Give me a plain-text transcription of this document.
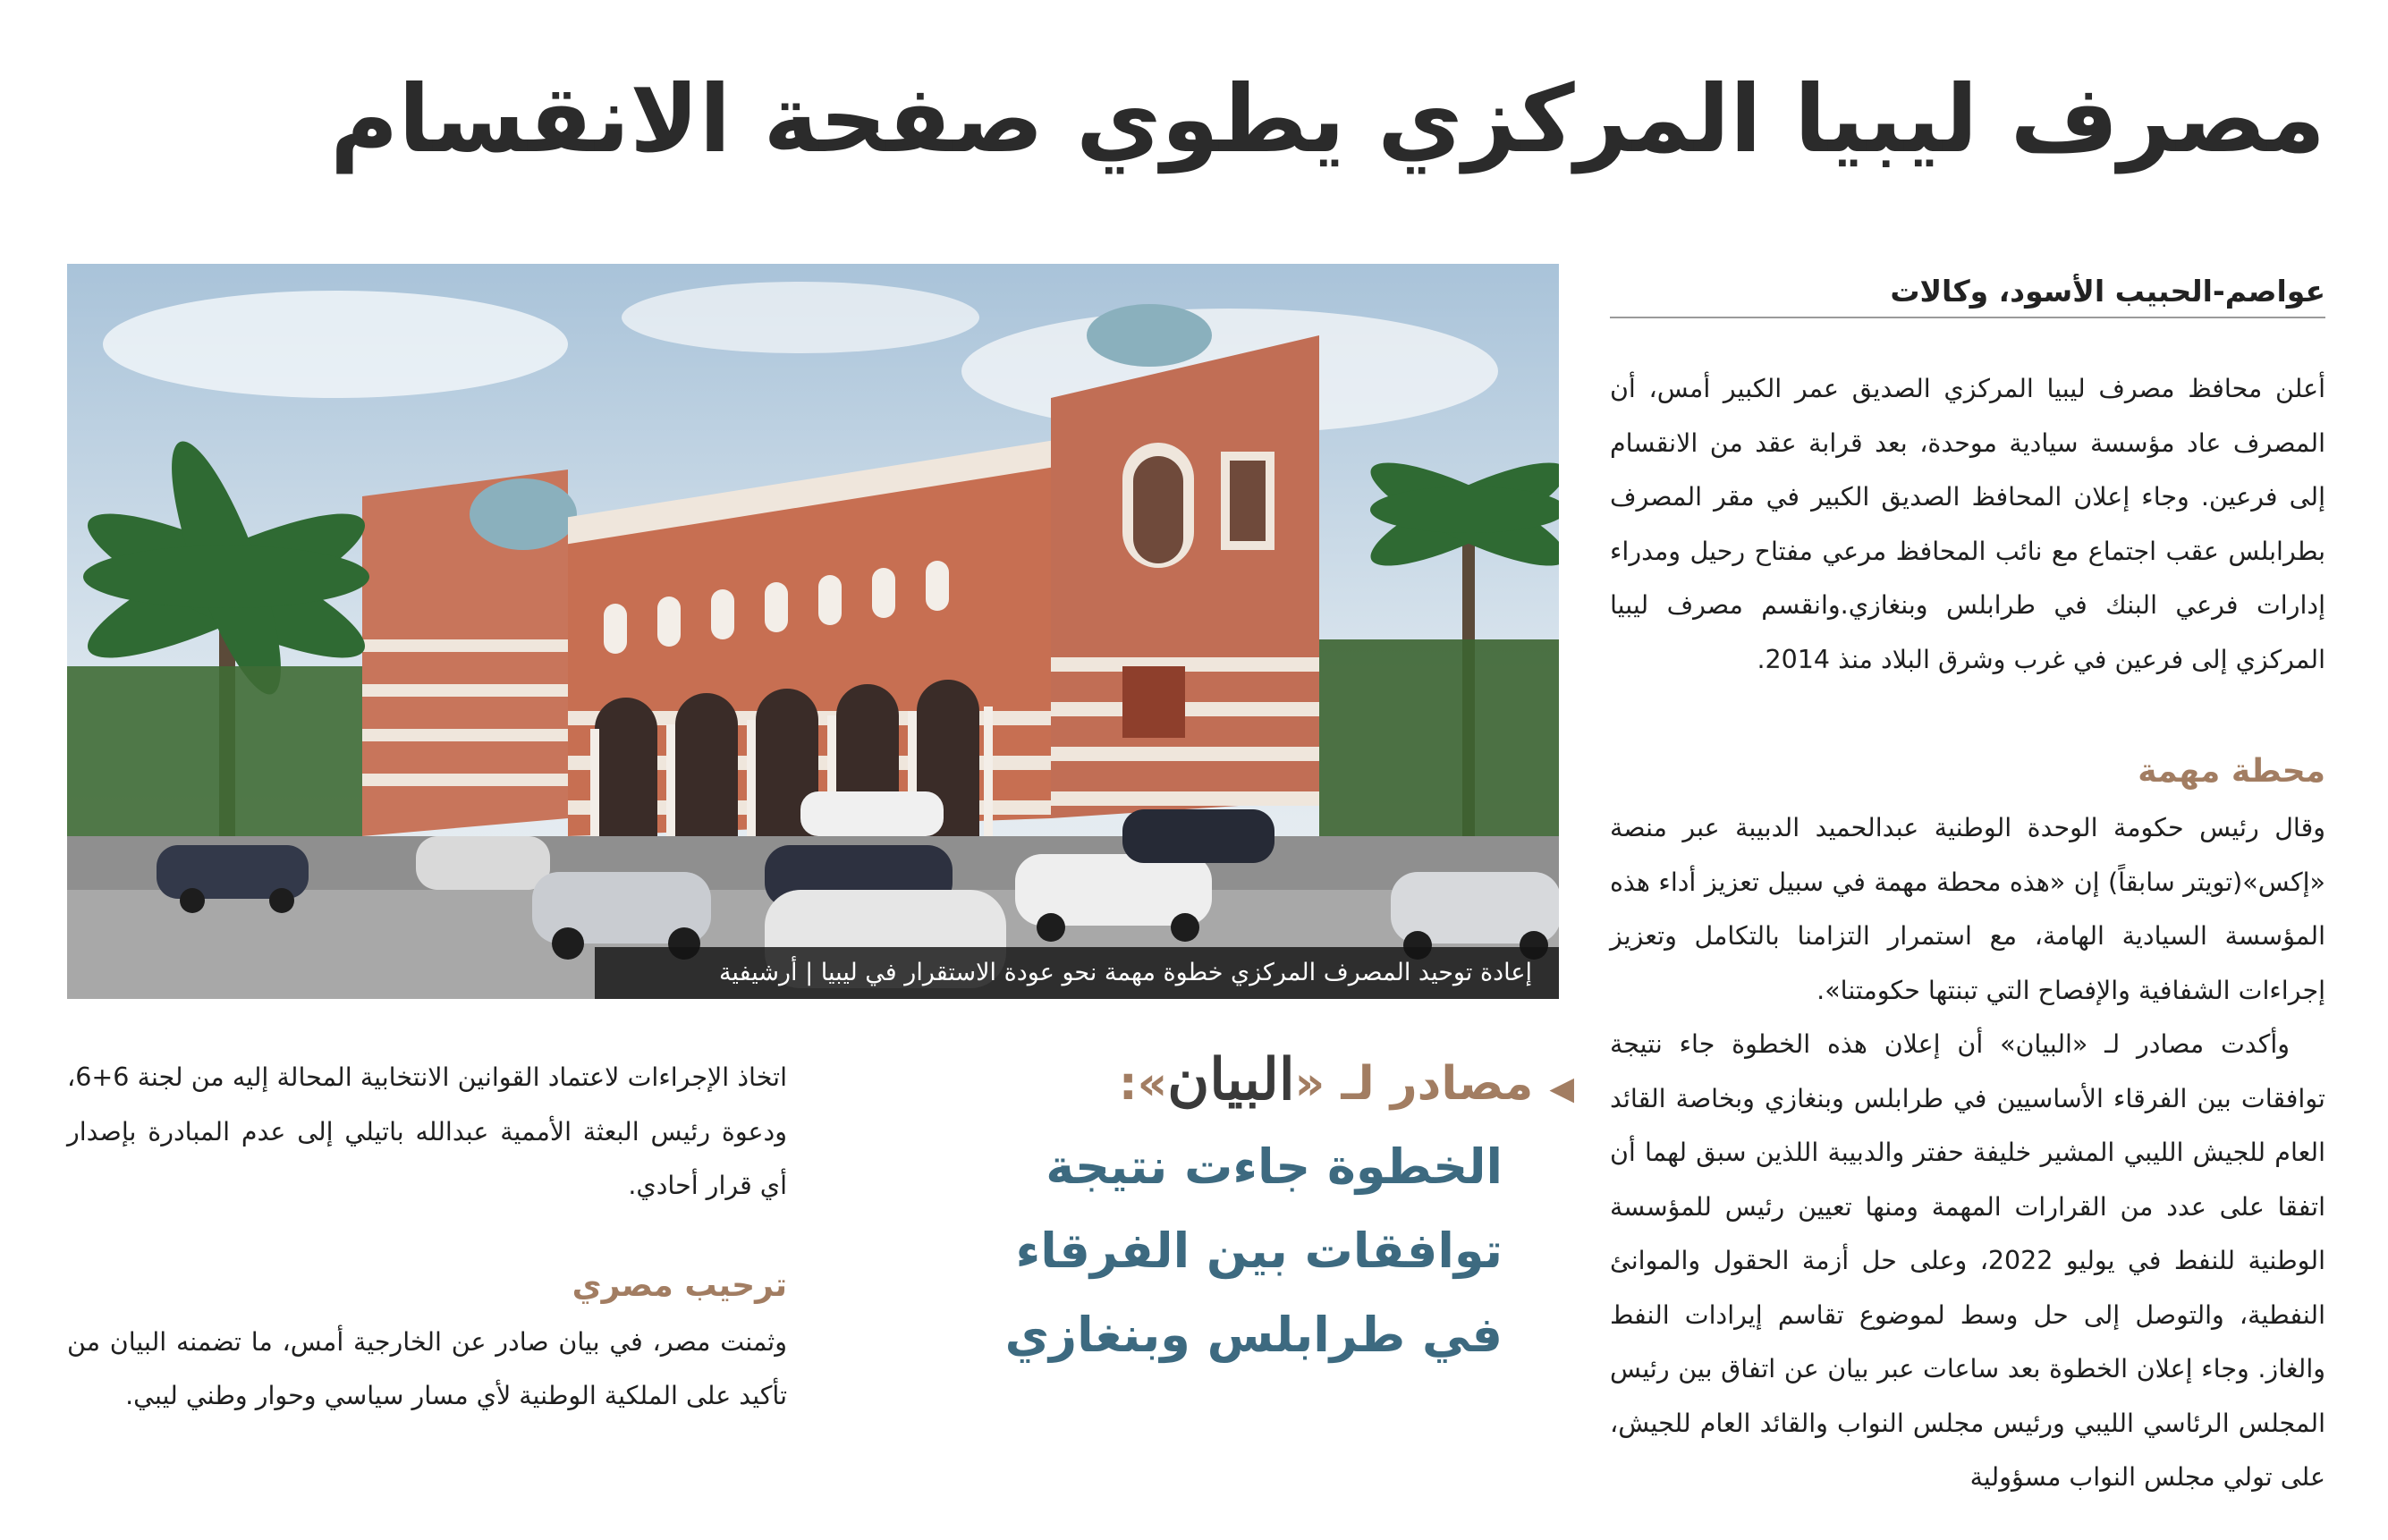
مصرف ليبيا المركزي يطوي صفحة الانقسام
عواصم-الحبيب الأسود، وكالات

أعلن محافظ مصرف ليبيا المركزي الصديق عمر الكبير أمس، أن المصرف عاد مؤسسة سيادية موحدة، بعد قرابة عقد من الانقسام إلى فرعين. وجاء إعلان المحافظ الصديق الكبير في مقر المصرف بطرابلس عقب اجتماع مع نائب المحافظ مرعي مفتاح رحيل ومدراء إدارات فرعي البنك في طرابلس وبنغازي.وانقسم مصرف ليبيا المركزي إلى فرعين في غرب وشرق البلاد منذ 2014.

محطة مهمة

وقال رئيس حكومة الوحدة الوطنية عبدالحميد الدبيبة عبر منصة «إكس»(تويتر سابقاً) إن «هذه محطة مهمة في سبيل تعزيز أداء هذه المؤسسة السيادية الهامة، مع استمرار التزامنا بالتكامل وتعزيز إجراءات الشفافية والإفصاح التي تبنتها حكومتنا».

وأكدت مصادر لـ «البيان» أن إعلان هذه الخطوة جاء نتيجة توافقات بين الفرقاء الأساسيين في طرابلس وبنغازي وبخاصة القائد العام للجيش الليبي المشير خليفة حفتر والدبيبة اللذين سبق لهما أن اتفقا على عدد من القرارات المهمة ومنها تعيين رئيس للمؤسسة الوطنية للنفط في يوليو 2022، وعلى حل أزمة الحقول والموانئ النفطية، والتوصل إلى حل وسط لموضوع تقاسم إيرادات النفط والغاز. وجاء إعلان الخطوة بعد ساعات عبر بيان عن اتفاق بين رئيس المجلس الرئاسي الليبي ورئيس مجلس النواب والقائد العام للجيش، على تولي مجلس النواب مسؤولية

إعادة توحيد المصرف المركزي خطوة مهمة نحو عودة الاستقرار في ليبيا | أرشيفية
◀مصادر لـ «البيان»:

الخطوة جاءت نتيجة توافقات بين الفرقاء في طرابلس وبنغازي

اتخاذ الإجراءات لاعتماد القوانين الانتخابية المحالة إليه من لجنة 6+6، ودعوة رئيس البعثة الأممية عبدالله باتيلي إلى عدم المبادرة بإصدار أي قرار أحادي.

ترحيب مصري

وثمنت مصر، في بيان صادر عن الخارجية أمس، ما تضمنه البيان من تأكيد على الملكية الوطنية لأي مسار سياسي وحوار وطني ليبي.
